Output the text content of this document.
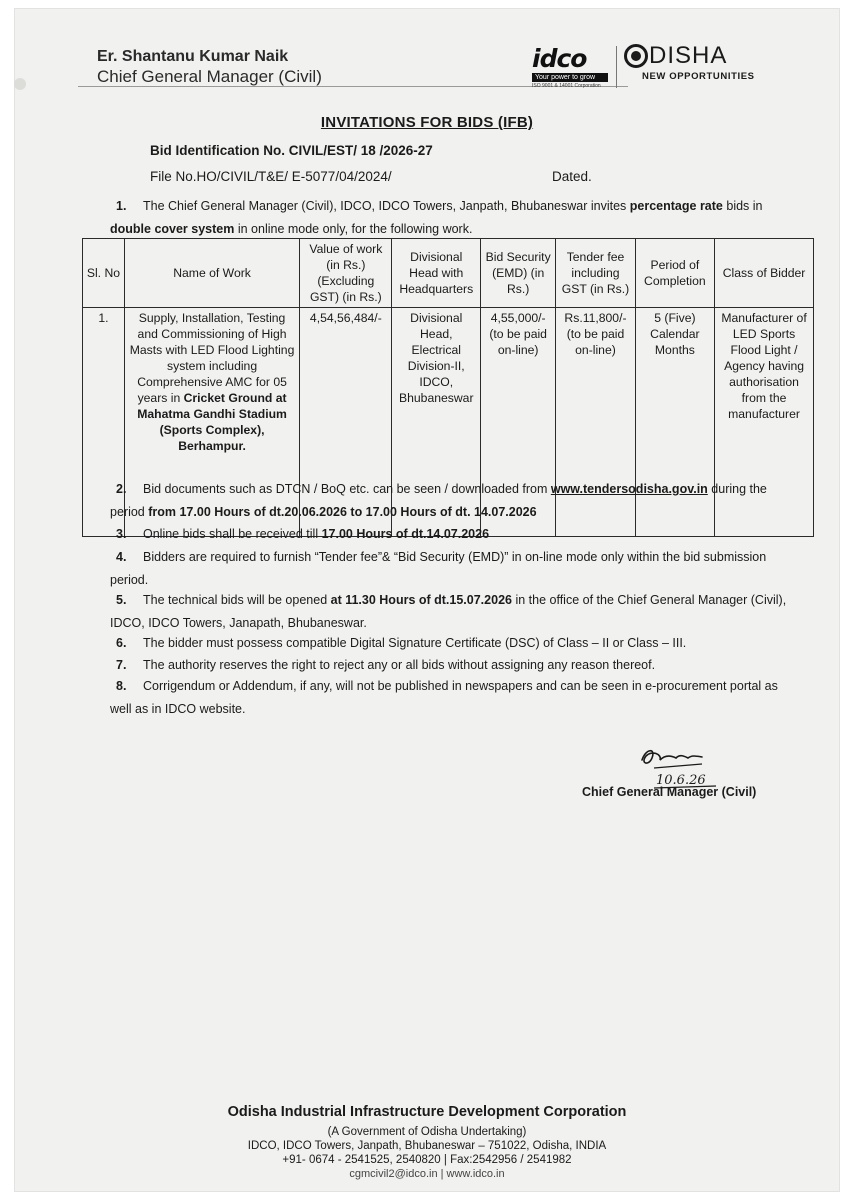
Er. Shantanu Kumar Naik
Chief General Manager (Civil)
idco
Your power to grow
ISO 9001 & 14001 Corporation
DISHA
NEW OPPORTUNITIES
INVITATIONS FOR BIDS (IFB)
Bid Identification No. CIVIL/EST/ 18 /2026-27
File No.HO/CIVIL/T&E/ E-5077/04/2024/	Dated.
1. The Chief General Manager (Civil), IDCO, IDCO Towers, Janpath, Bhubaneswar invites percentage rate bids in
double cover system in online mode only, for the following work.
Sl. No	Name of Work	Value of work (in Rs.) (Excluding GST) (in Rs.)	Divisional Head with Headquarters	Bid Security (EMD) (in Rs.)	Tender fee including GST (in Rs.)	Period of Completion	Class of Bidder
1.	Supply, Installation, Testing and Commissioning of High Masts with LED Flood Lighting system including Comprehensive AMC for 05 years in Cricket Ground at Mahatma Gandhi Stadium (Sports Complex), Berhampur.	4,54,56,484/-	Divisional Head, Electrical Division-II, IDCO, Bhubaneswar	4,55,000/- (to be paid on-line)	Rs.11,800/- (to be paid on-line)	5 (Five) Calendar Months	Manufacturer of LED Sports Flood Light / Agency having authorisation from the manufacturer
2. Bid documents such as DTCN / BoQ etc. can be seen / downloaded from www.tendersodisha.gov.in during the
period from 17.00 Hours of dt.20.06.2026 to 17.00 Hours of dt. 14.07.2026
3. Online bids shall be received till 17.00 Hours of dt.14.07.2026
4. Bidders are required to furnish “Tender fee”& “Bid Security (EMD)” in on-line mode only within the bid submission
period.
5. The technical bids will be opened at 11.30 Hours of dt.15.07.2026 in the office of the Chief General Manager (Civil),
IDCO, IDCO Towers, Janapath, Bhubaneswar.
6. The bidder must possess compatible Digital Signature Certificate (DSC) of Class – II or Class – III.
7. The authority reserves the right to reject any or all bids without assigning any reason thereof.
8. Corrigendum or Addendum, if any, will not be published in newspapers and can be seen in e-procurement portal as
well as in IDCO website.
10.6.26
Chief General Manager (Civil)
Odisha Industrial Infrastructure Development Corporation
(A Government of Odisha Undertaking)
IDCO, IDCO Towers, Janpath, Bhubaneswar – 751022, Odisha, INDIA
+91- 0674 - 2541525, 2540820 | Fax:2542956 / 2541982
cgmcivil2@idco.in | www.idco.in
